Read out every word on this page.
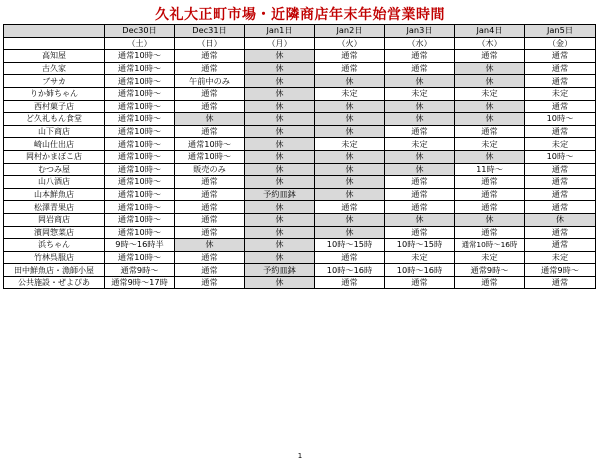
久礼大正町市場・近隣商店年末年始営業時間
	Dec30日	Dec31日	Jan1日	Jan2日	Jan3日	Jan4日	Jan5日
	（土）	（日）	（月）	（火）	（水）	（木）	（金）
高知屋	通常10時～	通常	休	通常	通常	通常	通常
古久家	通常10時～	通常	休	通常	通常	休	通常
ブサカ	通常10時～	午前中のみ	休	休	休	休	通常
りか姉ちゃん	通常10時～	通常	休	未定	未定	未定	未定
西村菓子店	通常10時～	通常	休	休	休	休	通常
ど久礼もん食堂	通常10時～	休	休	休	休	休	10時～
山下商店	通常10時～	通常	休	休	通常	通常	通常
崎山仕出店	通常10時～	通常10時～	休	未定	未定	未定	未定
岡村かまぼこ店	通常10時～	通常10時～	休	休	休	休	10時～
むつみ屋	通常10時～	販売のみ	休	休	休	11時～	通常
山八酒店	通常10時～	通常	休	休	通常	通常	通常
山本鮮魚店	通常10時～	通常	予約皿鉢	休	通常	通常	通常
松澤青果店	通常10時～	通常	休	通常	通常	通常	通常
岡岩商店	通常10時～	通常	休	休	休	休	休
濱岡惣菜店	通常10時～	通常	休	休	通常	通常	通常
浜ちゃん	9時～16時半	休	休	10時～15時	10時～15時	通常10時～16時	通常
竹林呉服店	通常10時～	通常	休	通常	未定	未定	未定
田中鮮魚店・漁師小屋	通常9時～	通常	予約皿鉢	10時～16時	10時～16時	通常9時～	通常9時～
公共施設・ぜよぴあ	通常9時～17時	通常	休	通常	通常	通常	通常
1
